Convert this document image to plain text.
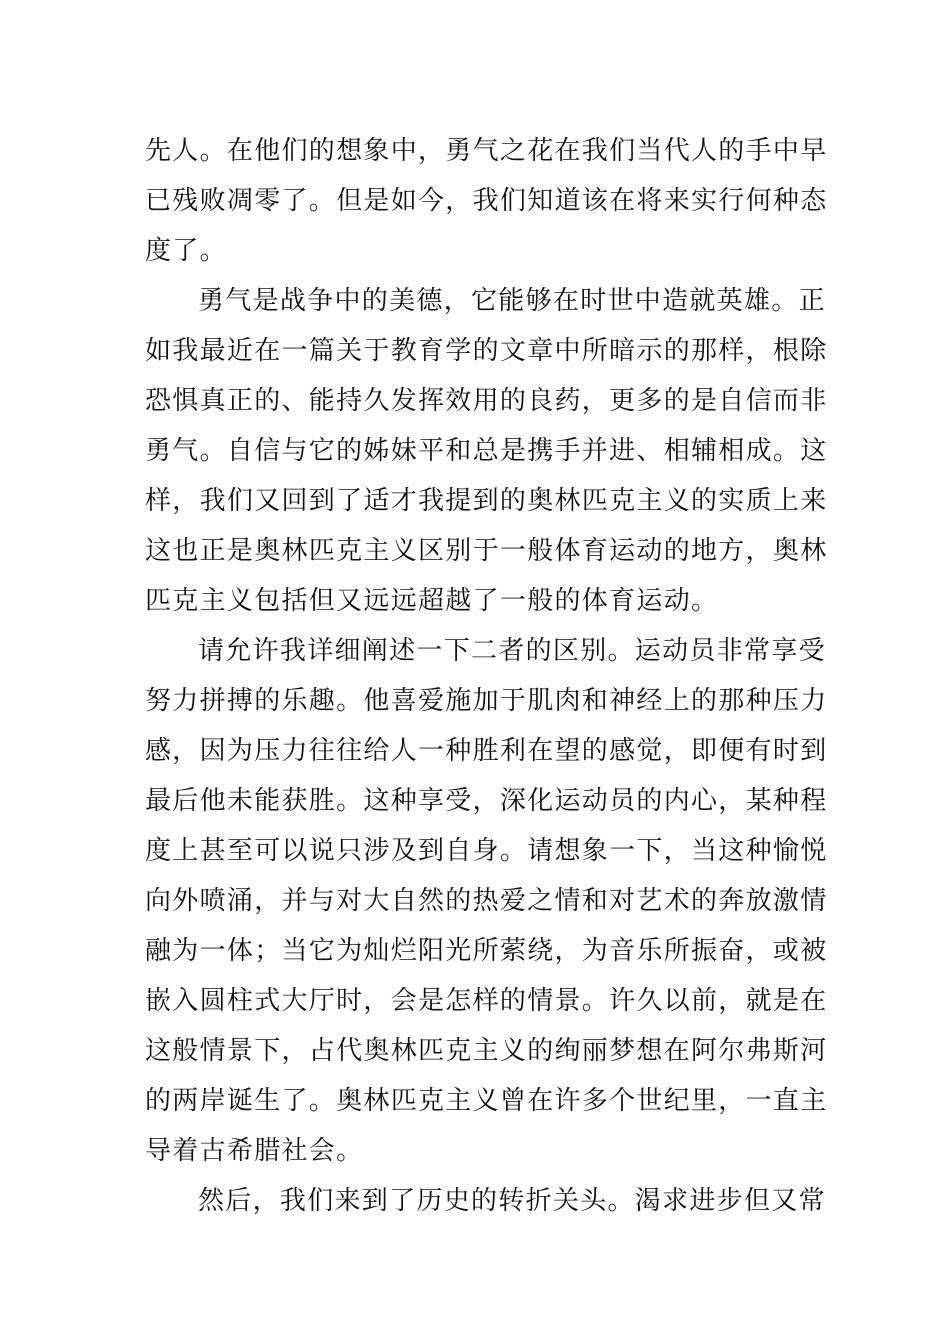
先人。在他们的想象中，勇气之花在我们当代人的手中早
已残败凋零了。但是如今，我们知道该在将来实行何种态
度了。
勇气是战争中的美德，它能够在时世中造就英雄。正
如我最近在一篇关于教育学的文章中所暗示的那样，根除
恐惧真正的、能持久发挥效用的良药，更多的是自信而非
勇气。自信与它的姊妹平和总是携手并进、相辅相成。这
样，我们又回到了适才我提到的奥林匹克主义的实质上来
这也正是奥林匹克主义区别于一般体育运动的地方，奥林
匹克主义包括但又远远超越了一般的体育运动。
请允许我详细阐述一下二者的区别。运动员非常享受
努力拼搏的乐趣。他喜爱施加于肌肉和神经上的那种压力
感，因为压力往往给人一种胜利在望的感觉，即便有时到
最后他未能获胜。这种享受，深化运动员的内心，某种程
度上甚至可以说只涉及到自身。请想象一下，当这种愉悦
向外喷涌，并与对大自然的热爱之情和对艺术的奔放激情
融为一体；当它为灿烂阳光所萦绕，为音乐所振奋，或被
嵌入圆柱式大厅时，会是怎样的情景。许久以前，就是在
这般情景下，占代奥林匹克主义的绚丽梦想在阿尔弗斯河
的两岸诞生了。奥林匹克主义曾在许多个世纪里，一直主
导着古希腊社会。
然后，我们来到了历史的转折关头。渴求进步但又常
